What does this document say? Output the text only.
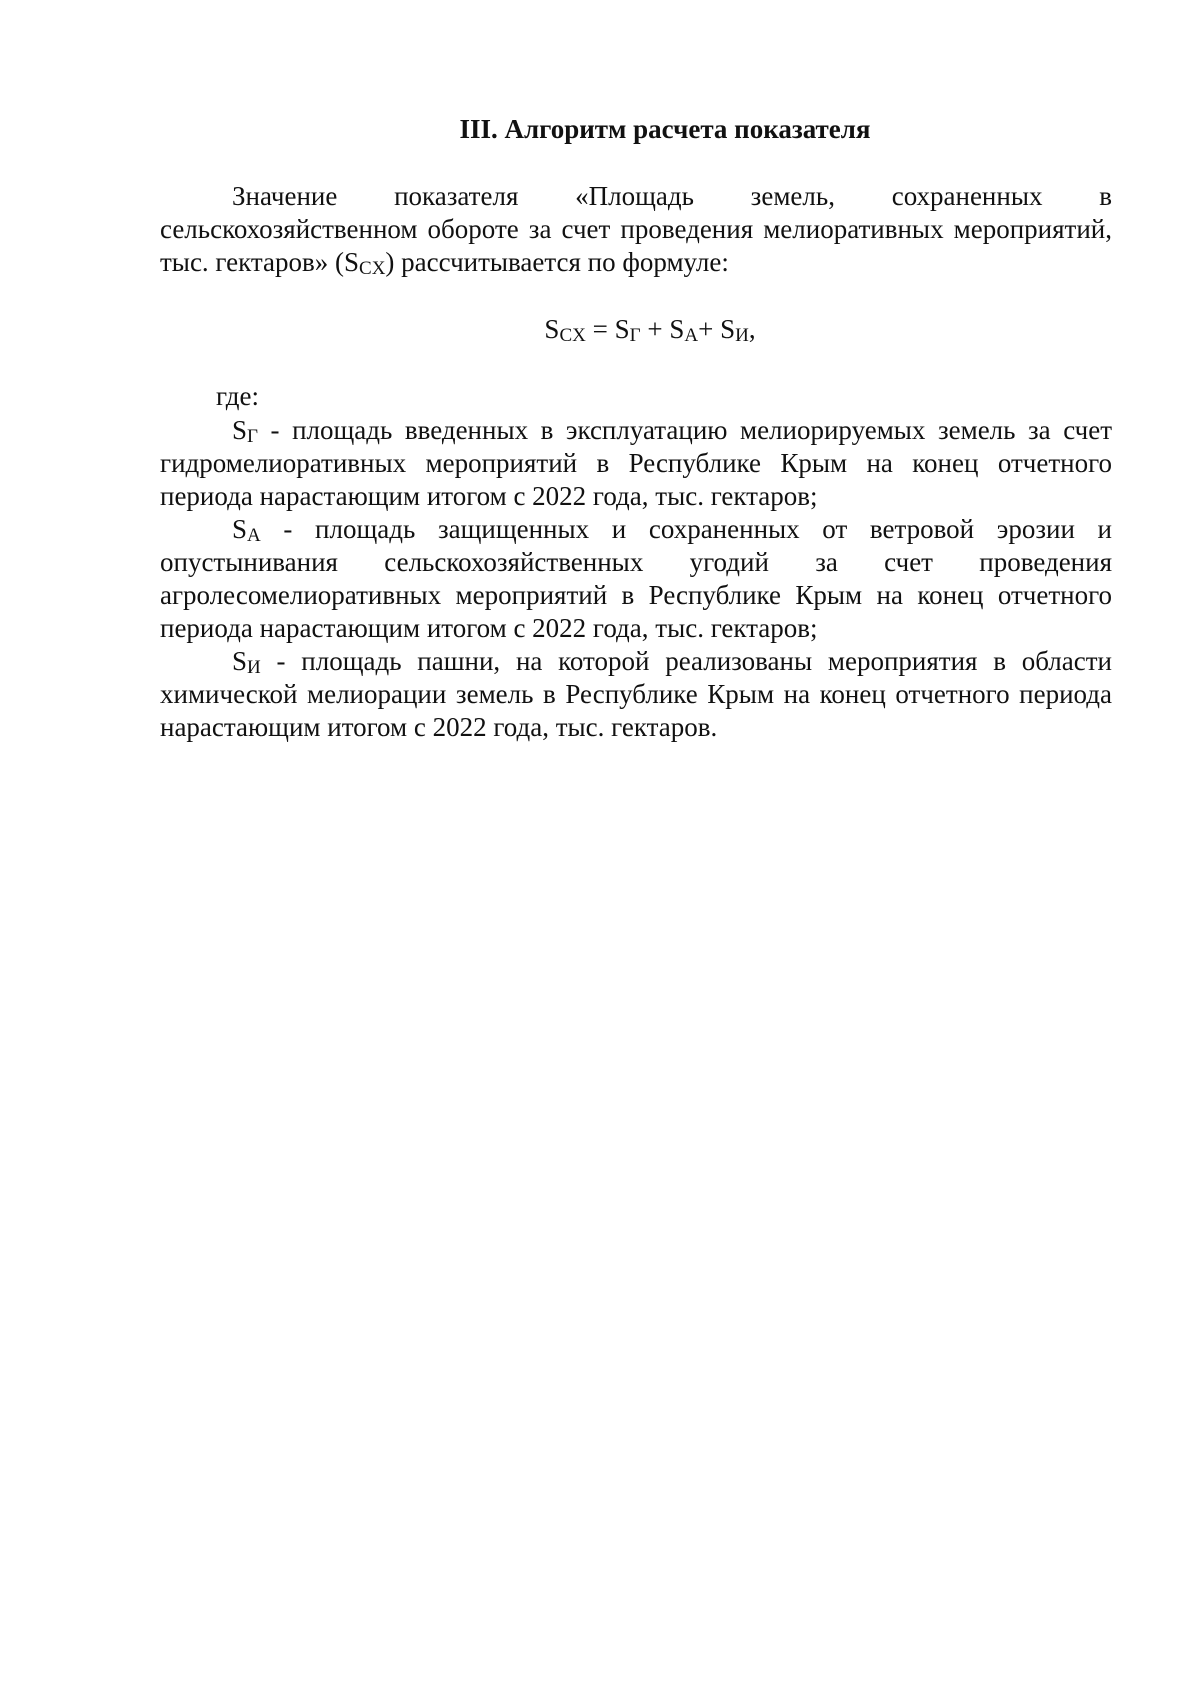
III. Алгоритм расчета показателя

Значение показателя «Площадь земель, сохраненных в сельскохозяйственном обороте за счет проведения мелиоративных мероприятий, тыс. гектаров» $(S_{CX})$ рассчитывается по формуле:

$S_{CX} = S_Г + S_A+ S_И$,
где:

$S_Г$ - площадь введенных в эксплуатацию мелиорируемых земель за счет гидромелиоративных мероприятий в Республике Крым на конец отчетного периода нарастающим итогом с 2022 года, тыс. гектаров;

$S_A$ - площадь защищенных и сохраненных от ветровой эрозии и опустынивания сельскохозяйственных угодий за счет проведения агролесомелиоративных мероприятий в Республике Крым на конец отчетного периода нарастающим итогом с 2022 года, тыс. гектаров;

$S_И$ - площадь пашни, на которой реализованы мероприятия в области химической мелиорации земель в Республике Крым на конец отчетного периода нарастающим итогом с 2022 года, тыс. гектаров.
